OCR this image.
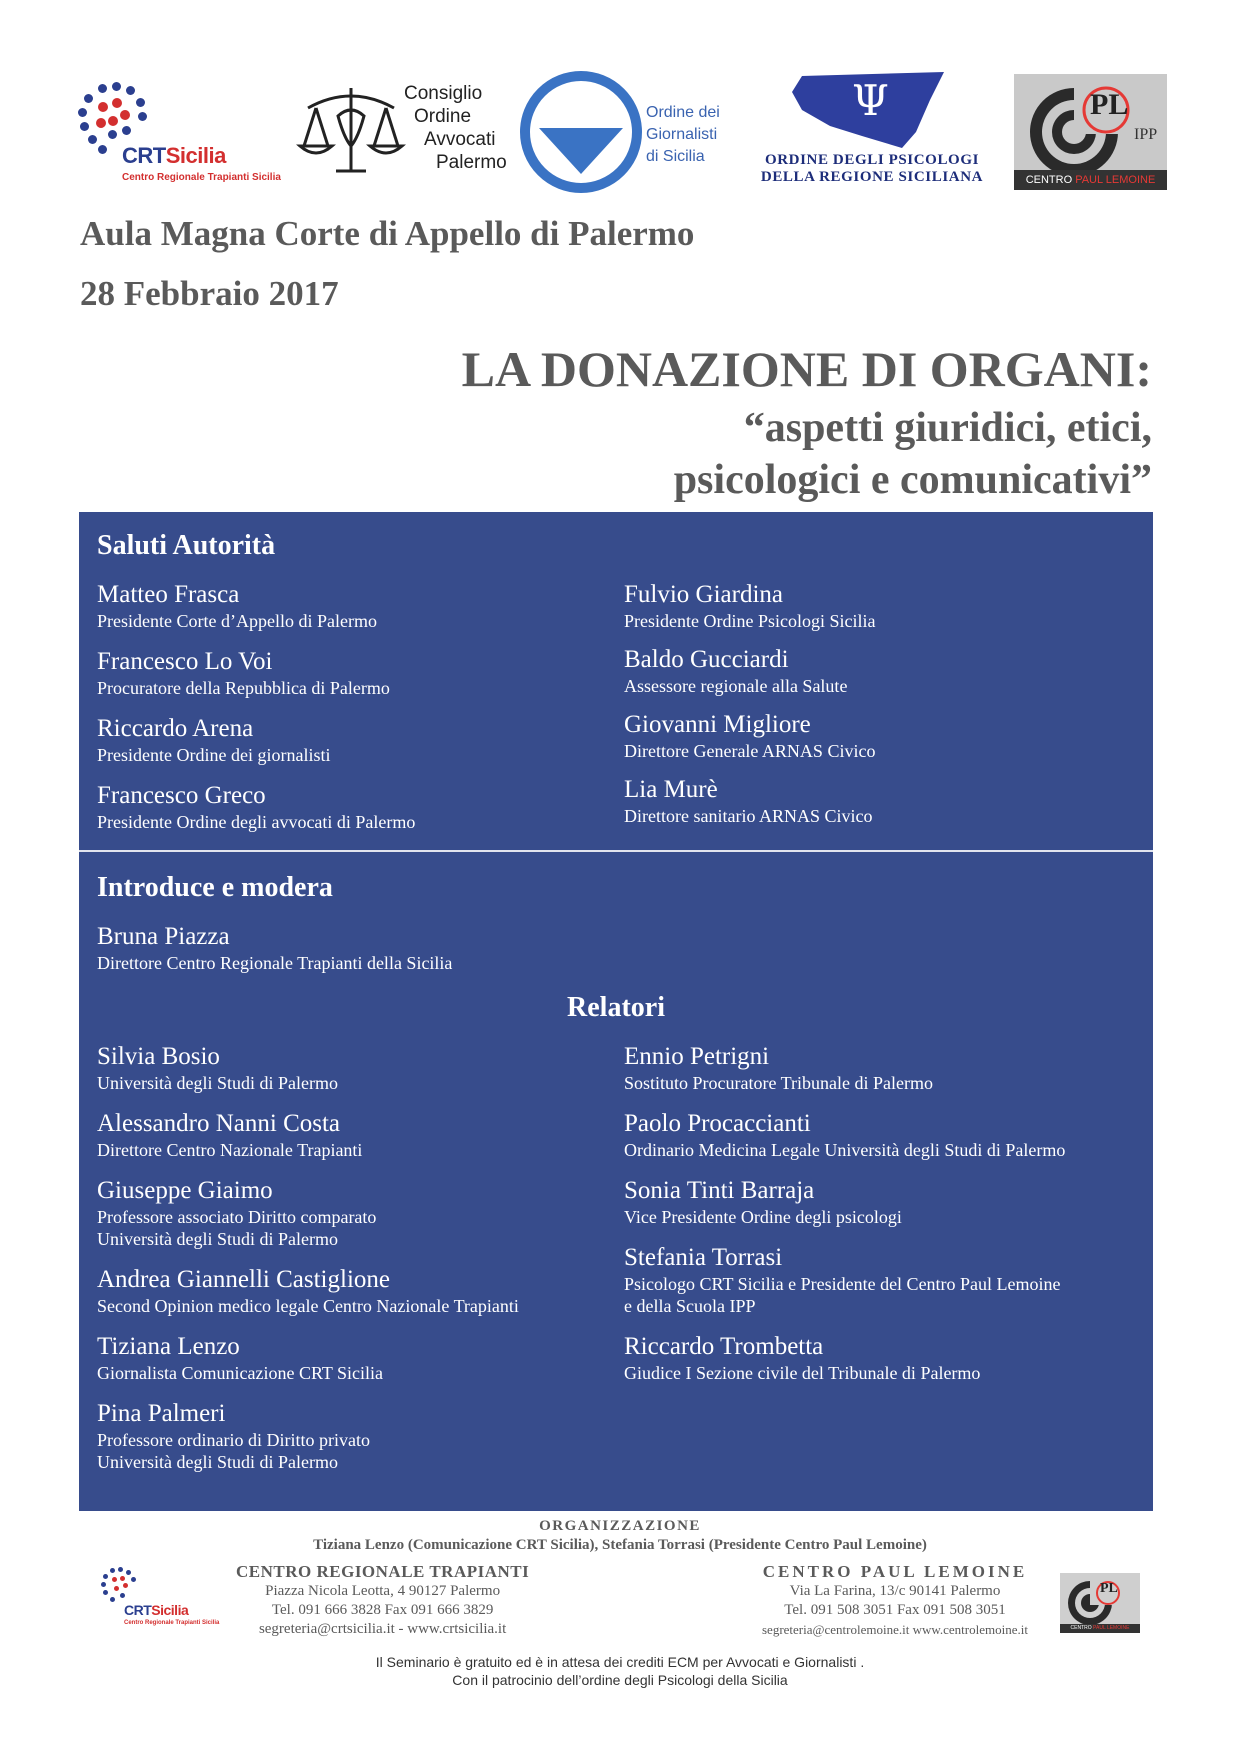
CRTSicilia
Centro Regionale Trapianti Sicilia
Consiglio
Ordine
Avvocati
Palermo
Ordine dei
Giornalisti
di Sicilia
Ψ
ORDINE DEGLI PSICOLOGI
DELLA REGIONE SICILIANA
PL
IPP
CENTRO PAUL LEMOINE
Aula Magna Corte di Appello di Palermo
28 Febbraio 2017
LA DONAZIONE DI ORGANI:
“aspetti giuridici, etici,
psicologici e comunicativi”
Saluti Autorità
Matteo Frasca
Presidente Corte d’Appello di Palermo
Francesco Lo Voi
Procuratore della Repubblica di Palermo
Riccardo Arena
Presidente Ordine dei giornalisti
Francesco Greco
Presidente Ordine degli avvocati di Palermo
Fulvio Giardina
Presidente Ordine Psicologi Sicilia
Baldo Gucciardi
Assessore regionale alla Salute
Giovanni Migliore
Direttore Generale ARNAS Civico
Lia Murè
Direttore sanitario ARNAS Civico
Introduce e modera
Bruna Piazza
Direttore Centro Regionale Trapianti della Sicilia
Relatori
Silvia Bosio
Università degli Studi di Palermo
Alessandro Nanni Costa
Direttore Centro Nazionale Trapianti
Giuseppe Giaimo
Professore associato Diritto comparato
Università degli Studi di Palermo
Andrea Giannelli Castiglione
Second Opinion medico legale Centro Nazionale Trapianti
Tiziana Lenzo
Giornalista Comunicazione CRT Sicilia
Pina Palmeri
Professore ordinario di Diritto privato
Università degli Studi di Palermo
Ennio Petrigni
Sostituto Procuratore Tribunale di Palermo
Paolo Procaccianti
Ordinario Medicina Legale Università degli Studi di Palermo
Sonia Tinti Barraja
Vice Presidente Ordine degli psicologi
Stefania Torrasi
Psicologo CRT Sicilia e Presidente del Centro Paul Lemoine
e della Scuola IPP
Riccardo Trombetta
Giudice I Sezione civile del Tribunale di Palermo
ORGANIZZAZIONE
Tiziana Lenzo (Comunicazione CRT Sicilia), Stefania Torrasi (Presidente Centro Paul Lemoine)
CRTSicilia
Centro Regionale Trapianti Sicilia
CENTRO REGIONALE TRAPIANTI
Piazza Nicola Leotta, 4 90127 Palermo
Tel. 091 666 3828 Fax 091 666 3829
segreteria@crtsicilia.it - www.crtsicilia.it
CENTRO PAUL LEMOINE
Via La Farina, 13/c 90141 Palermo
Tel. 091 508 3051 Fax 091 508 3051
segreteria@centrolemoine.it www.centrolemoine.it
PL
CENTRO PAUL LEMOINE
Il Seminario è gratuito ed è in attesa dei crediti ECM per Avvocati e Giornalisti .
Con il patrocinio dell’ordine degli Psicologi della Sicilia
